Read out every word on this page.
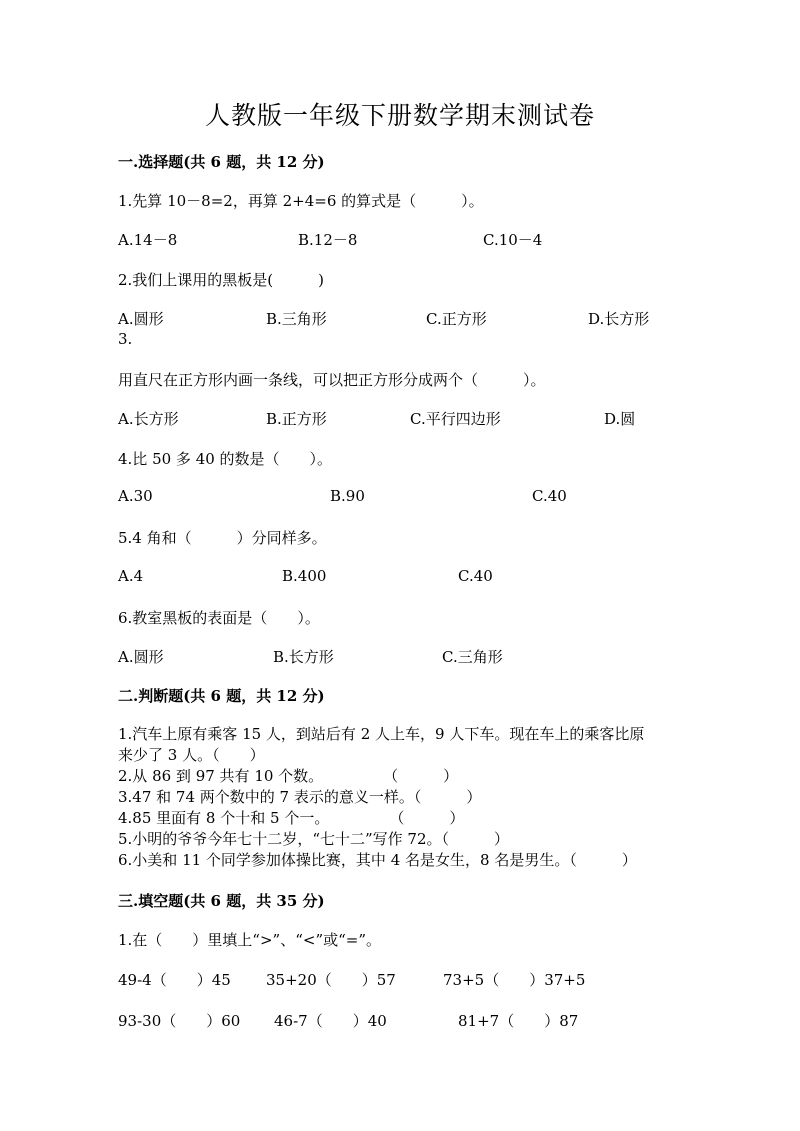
人教版一年级下册数学期末测试卷
一.选择题(共 6 题，共 12 分)
1.先算 10－8=2，再算 2+4=6 的算式是（　　　）。
A.14－8	B.12－8	C.10－4
2.我们上课用的黑板是(　　　)
A.圆形	B.三角形	C.正方形	D.长方形
3.
用直尺在正方形内画一条线，可以把正方形分成两个（　　　）。
A.长方形	B.正方形	C.平行四边形	D.圆
4.比 50 多 40 的数是（　　）。
A.30	B.90	C.40
5.4 角和（　　　）分同样多。
A.4	B.400	C.40
6.教室黑板的表面是（　　）。
A.圆形	B.长方形	C.三角形
二.判断题(共 6 题，共 12 分)
1.汽车上原有乘客 15 人，到站后有 2 人上车，9 人下车。现在车上的乘客比原
来少了 3 人。（　　）
2.从 86 到 97 共有 10 个数。　　　　　（　　　）
3.47 和 74 两个数中的 7 表示的意义一样。（　　　）
4.85 里面有 8 个十和 5 个一。　　　　　（　　　）
5.小明的爷爷今年七十二岁，“七十二”写作 72。（　　　）
6.小美和 11 个同学参加体操比赛，其中 4 名是女生，8 名是男生。（　　　）
三.填空题(共 6 题，共 35 分)
1.在（　　）里填上“>”、“<”或“=”。
49-4（　　）45 35+20（　　）57	73+5（　　）37+5
93-30（　　）60 46-7（　　）40	81+7（　　）87
